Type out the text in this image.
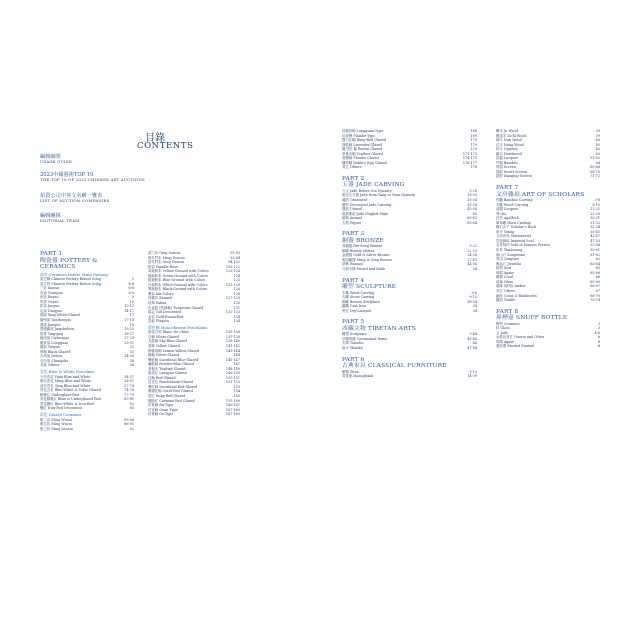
目錄
CONTENTS
編輯綱要
USAGE GUIDE
2023中國藝術TOP 10
THE TOP 10 OF 2022 CHINESE ART AUCTIONS
拍賣公司中英文名稱一覽表
LIST OF AUCTION COMPANIES
編輯團隊
EDITORIAL TEAM
PART 1
陶瓷器 POTTERY & CERAMICS
高古 Ceramics before Ming Dynasty
高古陶 Chinese Pottery Before Song	3
高古瓷 Chinese Pottery Before Song	4-6
三彩 Sancai	6-8
官窯 Guanyao	8-9
汝窯 Ruyao	9
哥窯 Geyao	10
鈞窯 Junyao	10-13
定窯 Dingyao	14-17
邢窯 Xing White-Glazed	17
耀州窯 Yaozhouyao	17-18
建窯 Jianyao	18
景德鎮窯 Jingdezhen	19-25
影青 Yingqing	26-27
磁州窯 Cizhouyao	27-28
龍泉窯 Longquan	29-31
越窯 Yueyao	32
黑釉 Black Glazed	33
吉州窯 Jizhou	34-35
長沙窯 Changsha	36
其他 Others	36
青花 Blue & White Porcelain
元代青花 Yuan Blue and White	34-37
明代青花 Ming Blue and White	38-57
清代青花 Qing Blue and White	57-74
青花五彩 Blue-White & Color Glazed	74-76
釉裏紅 Underglaze-Red	77-79
青花釉裏紅 Blue & Underglazed Red	80-81
青花礬紅 Blue-White & Iron-Red	82
礬紅 Iron-Red Decorated	83
彩瓷 Glazed Ceramics
明三彩 Ming Wucai	83-86
明五彩 Ming Wucai	86-91
明三彩 Ming Sancai	92
清三彩 Qing Sancai	92-93
明代鬥彩 Ming Doucai	93-94
清代鬥彩 Qing Doucai	94-102
粉彩 Famille Rose	102-122
黃地粉彩 Yellow-Ground with Colors	123-124
綠地粉彩 Green-Ground with Colors	124
藍地粉彩 Blue-Ground with Colors	125
白地粉彩 White-Ground with Colors	125-126
黑地粉彩 Black-Ground with Colors	126
墨彩 Ink Colors	126
琺瑯彩 Enamel	127-129
琺華 Fahua	130
孔雀藍 (松綠釉) Turquoise Glazed	131
描金 Gilt Decorated	132-133
金彩 Gold-Enamelled	134
盌板 Plaques	134
單色釉 Monochrome Porcelains
德化白瓷 Blanc-De-Chine	135-136
白釉 White Glazed	137-138
天藍釉 Sky-Blue Glazed	139-140
黃釉 Yellow Glazed	141-142
檸檬黃釉 Lemon-Yellow Glazed	143-144
綠釉 Green-Glazed	144
霽藍釉 Sacrificial Blue-Glazed	145-147
灑藍釉 Powder-Blue Glazed	147
茶葉末 Teadust Glazed	148-149
郎窯紅 Langyao Glazed	149-150
紅釉 Red-Glazed	150-151
豇豆紅 Peachbloom-Glazed	151-153
霽紅釉 Sacrificial Red-Glazed	153
珊瑚紅釉 Coral-Red Glazed	154
祭紅 Ruby-Red Glazed	155
胭脂紅 Carmine-Red Glazed	155-160
仿哥釉 Ru-Type	160-167
仿官釉 Guan-Type	167-169
仿哥釉 Ge-Type	167-169
仿龍泉釉 Longquan-Type	168
仿窯變 Flambe-Type	169
寶石紅釉 Ruby-Red Glazed	170
薄藍釉 Lavender Glazed	170
醬 (棕) 釉 Brown Glazed	170
茶葉末釉 Teadust Glazed	171-173
窯變釉 Flambe Glazed	174-175
爐鈞釉 Robin's Egg Glazed	176-177
其它 Others	178
PART 2
玉器 JADE CARVING
古玉 Jade Before Sui Dynasty	3-28
唐宋元玉器 Jade from Tang to Yuan Dynasty	29-33
陳設 Ornament	33-34
擺件 Decorated Jade Carving	35-38
器皿 Utensil	43-58
痕都斯坦 Jade Mughal-Style	60
動物 Animal	60-63
人物 Figure	63-64
PART 3
銅器 BRONZE
青銅器 Pre-Song Bronze	3-22
銅鏡 Bronze Mirror	22-23
金銀器 Gold & Silver Bronze	24-26
明清銅器 Ming & Qing Bronze	27-43
琺瑯 Enamel	44-56
刀劍夫犢 Sword and Knife	34
PART 4
雕塑 SCULPTURE
木雕 Wood Carving	3-8
石雕 Stone Carving	9-15
銅雕 Bronze Sculpture	16-34
鐵雕 Cast Iron	34
夾紵 Dry-Lacquer	34
PART 5
西藏文物 TIBETAN ARTS
雕塑 Sculpture	3-44
法器供器 Ceremonial Items	45-46
天珠 Tianzhu	46
唐卡 Thanka	47-54
PART 6
古典家具 CLASSICAL FURNITURE
紫檀 Zitan	3-13
黃花梨 Huanghuali	14-39
櫸木 Ju Wood	39
雞翅木 Zichi Wood	39
楠木 Nan Wood	40
紅木 Hong Wood	40
柏木 Cypress	40
鐵木 Hardwood	60
漆器 Lacquer	61-63
竹器 Bamboo	64
屏風 Screen	65-68
插屏 Insert Screen	68-70
掛屏 Hanging Screen	71-72
PART 7
文房雜項 ART OF SCHOLARS
竹雕 Bamboo Carving	3-8
木雕 Wood Carving	8-10
漆器 Lacquer	11-21
琴 Qin	22-29
匠作 Agalloch	30-31
犀角雕 Horn Carving	31-32
雕石山子 Scholar's Rock	32-34
象牙 Yixing	35-41
文房用具 Stationeries	42-47
宮廷御用 Imperial Seal	47-53
名家刻印 Seal of Famous Person	53-58
田黃 Tianhuang	59-61
壽山石 Soapstone	61-62
青田 Qingtian	62
雞血石 Jixueshi	63-64
銘刻 Seal	65
瑪瑙 Agate	65-66
珊瑚 Coral	66
琉璃 Glass	65-66
珈琲 (琥珀) Amber	66-67
其它 Others	67
鏡匣 Coins & Banknotes	68-70
織品 Textile	70-74
PART 8
鼻煙壺 SNUFF BOTTLE
陶瓷 Ceramics	3
料 Glass	3
玉 Jade	4-6
水晶及其它 Quartz and Other	6
瑪瑙 Agate	6
畫琺瑯 Painted Enamel	6
